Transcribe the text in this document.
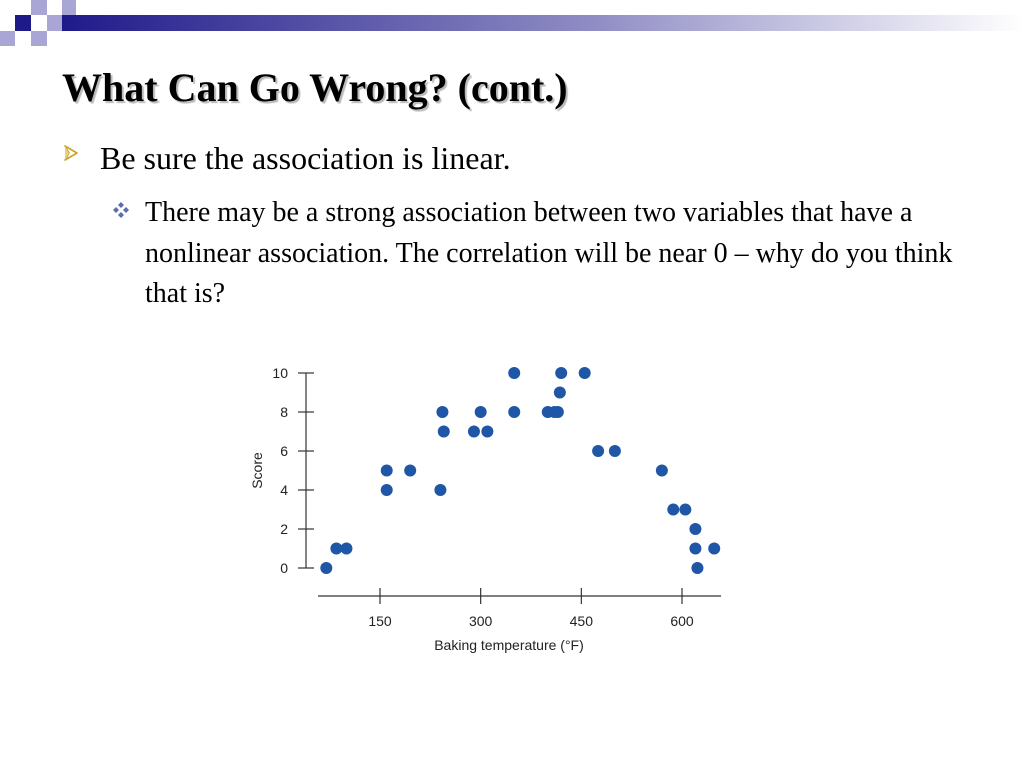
What Can Go Wrong? (cont.)
Be sure the association is linear.
There may be a strong association between two variables that have a nonlinear association. The correlation will be near 0 – why do you think that is?
0
2
4
6
8
10
150	300	450	600
Baking temperature (°F)
Score
